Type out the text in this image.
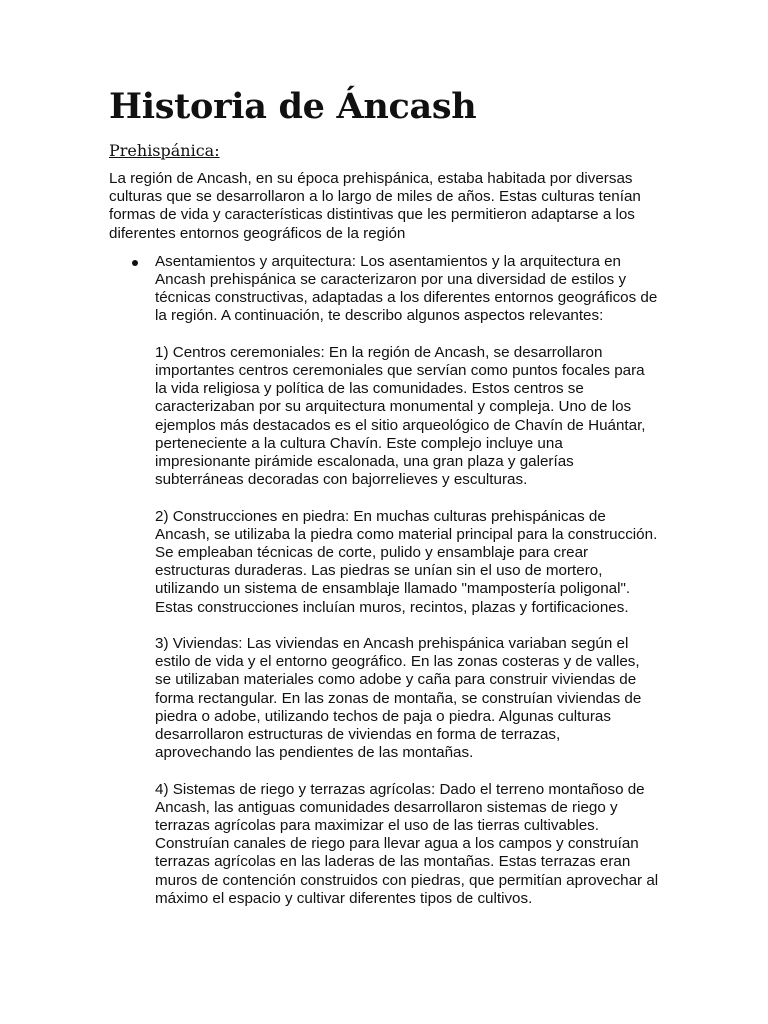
Historia de Áncash
Prehispánica:

La región de Ancash, en su época prehispánica, estaba habitada por diversas culturas que se desarrollaron a lo largo de miles de años. Estas culturas tenían formas de vida y características distintivas que les permitieron adaptarse a los diferentes entornos geográficos de la región

Asentamientos y arquitectura: Los asentamientos y la arquitectura en Ancash prehispánica se caracterizaron por una diversidad de estilos y técnicas constructivas, adaptadas a los diferentes entornos geográficos de la región. A continuación, te describo algunos aspectos relevantes:
1) Centros ceremoniales: En la región de Ancash, se desarrollaron importantes centros ceremoniales que servían como puntos focales para la vida religiosa y política de las comunidades. Estos centros se caracterizaban por su arquitectura monumental y compleja. Uno de los ejemplos más destacados es el sitio arqueológico de Chavín de Huántar, perteneciente a la cultura Chavín. Este complejo incluye una impresionante pirámide escalonada, una gran plaza y galerías subterráneas decoradas con bajorrelieves y esculturas.
2) Construcciones en piedra: En muchas culturas prehispánicas de Ancash, se utilizaba la piedra como material principal para la construcción. Se empleaban técnicas de corte, pulido y ensamblaje para crear estructuras duraderas. Las piedras se unían sin el uso de mortero, utilizando un sistema de ensamblaje llamado "mampostería poligonal". Estas construcciones incluían muros, recintos, plazas y fortificaciones.
3) Viviendas: Las viviendas en Ancash prehispánica variaban según el estilo de vida y el entorno geográfico. En las zonas costeras y de valles, se utilizaban materiales como adobe y caña para construir viviendas de forma rectangular. En las zonas de montaña, se construían viviendas de piedra o adobe, utilizando techos de paja o piedra. Algunas culturas desarrollaron estructuras de viviendas en forma de terrazas, aprovechando las pendientes de las montañas.
4) Sistemas de riego y terrazas agrícolas: Dado el terreno montañoso de Ancash, las antiguas comunidades desarrollaron sistemas de riego y terrazas agrícolas para maximizar el uso de las tierras cultivables. Construían canales de riego para llevar agua a los campos y construían terrazas agrícolas en las laderas de las montañas. Estas terrazas eran muros de contención construidos con piedras, que permitían aprovechar al máximo el espacio y cultivar diferentes tipos de cultivos.
